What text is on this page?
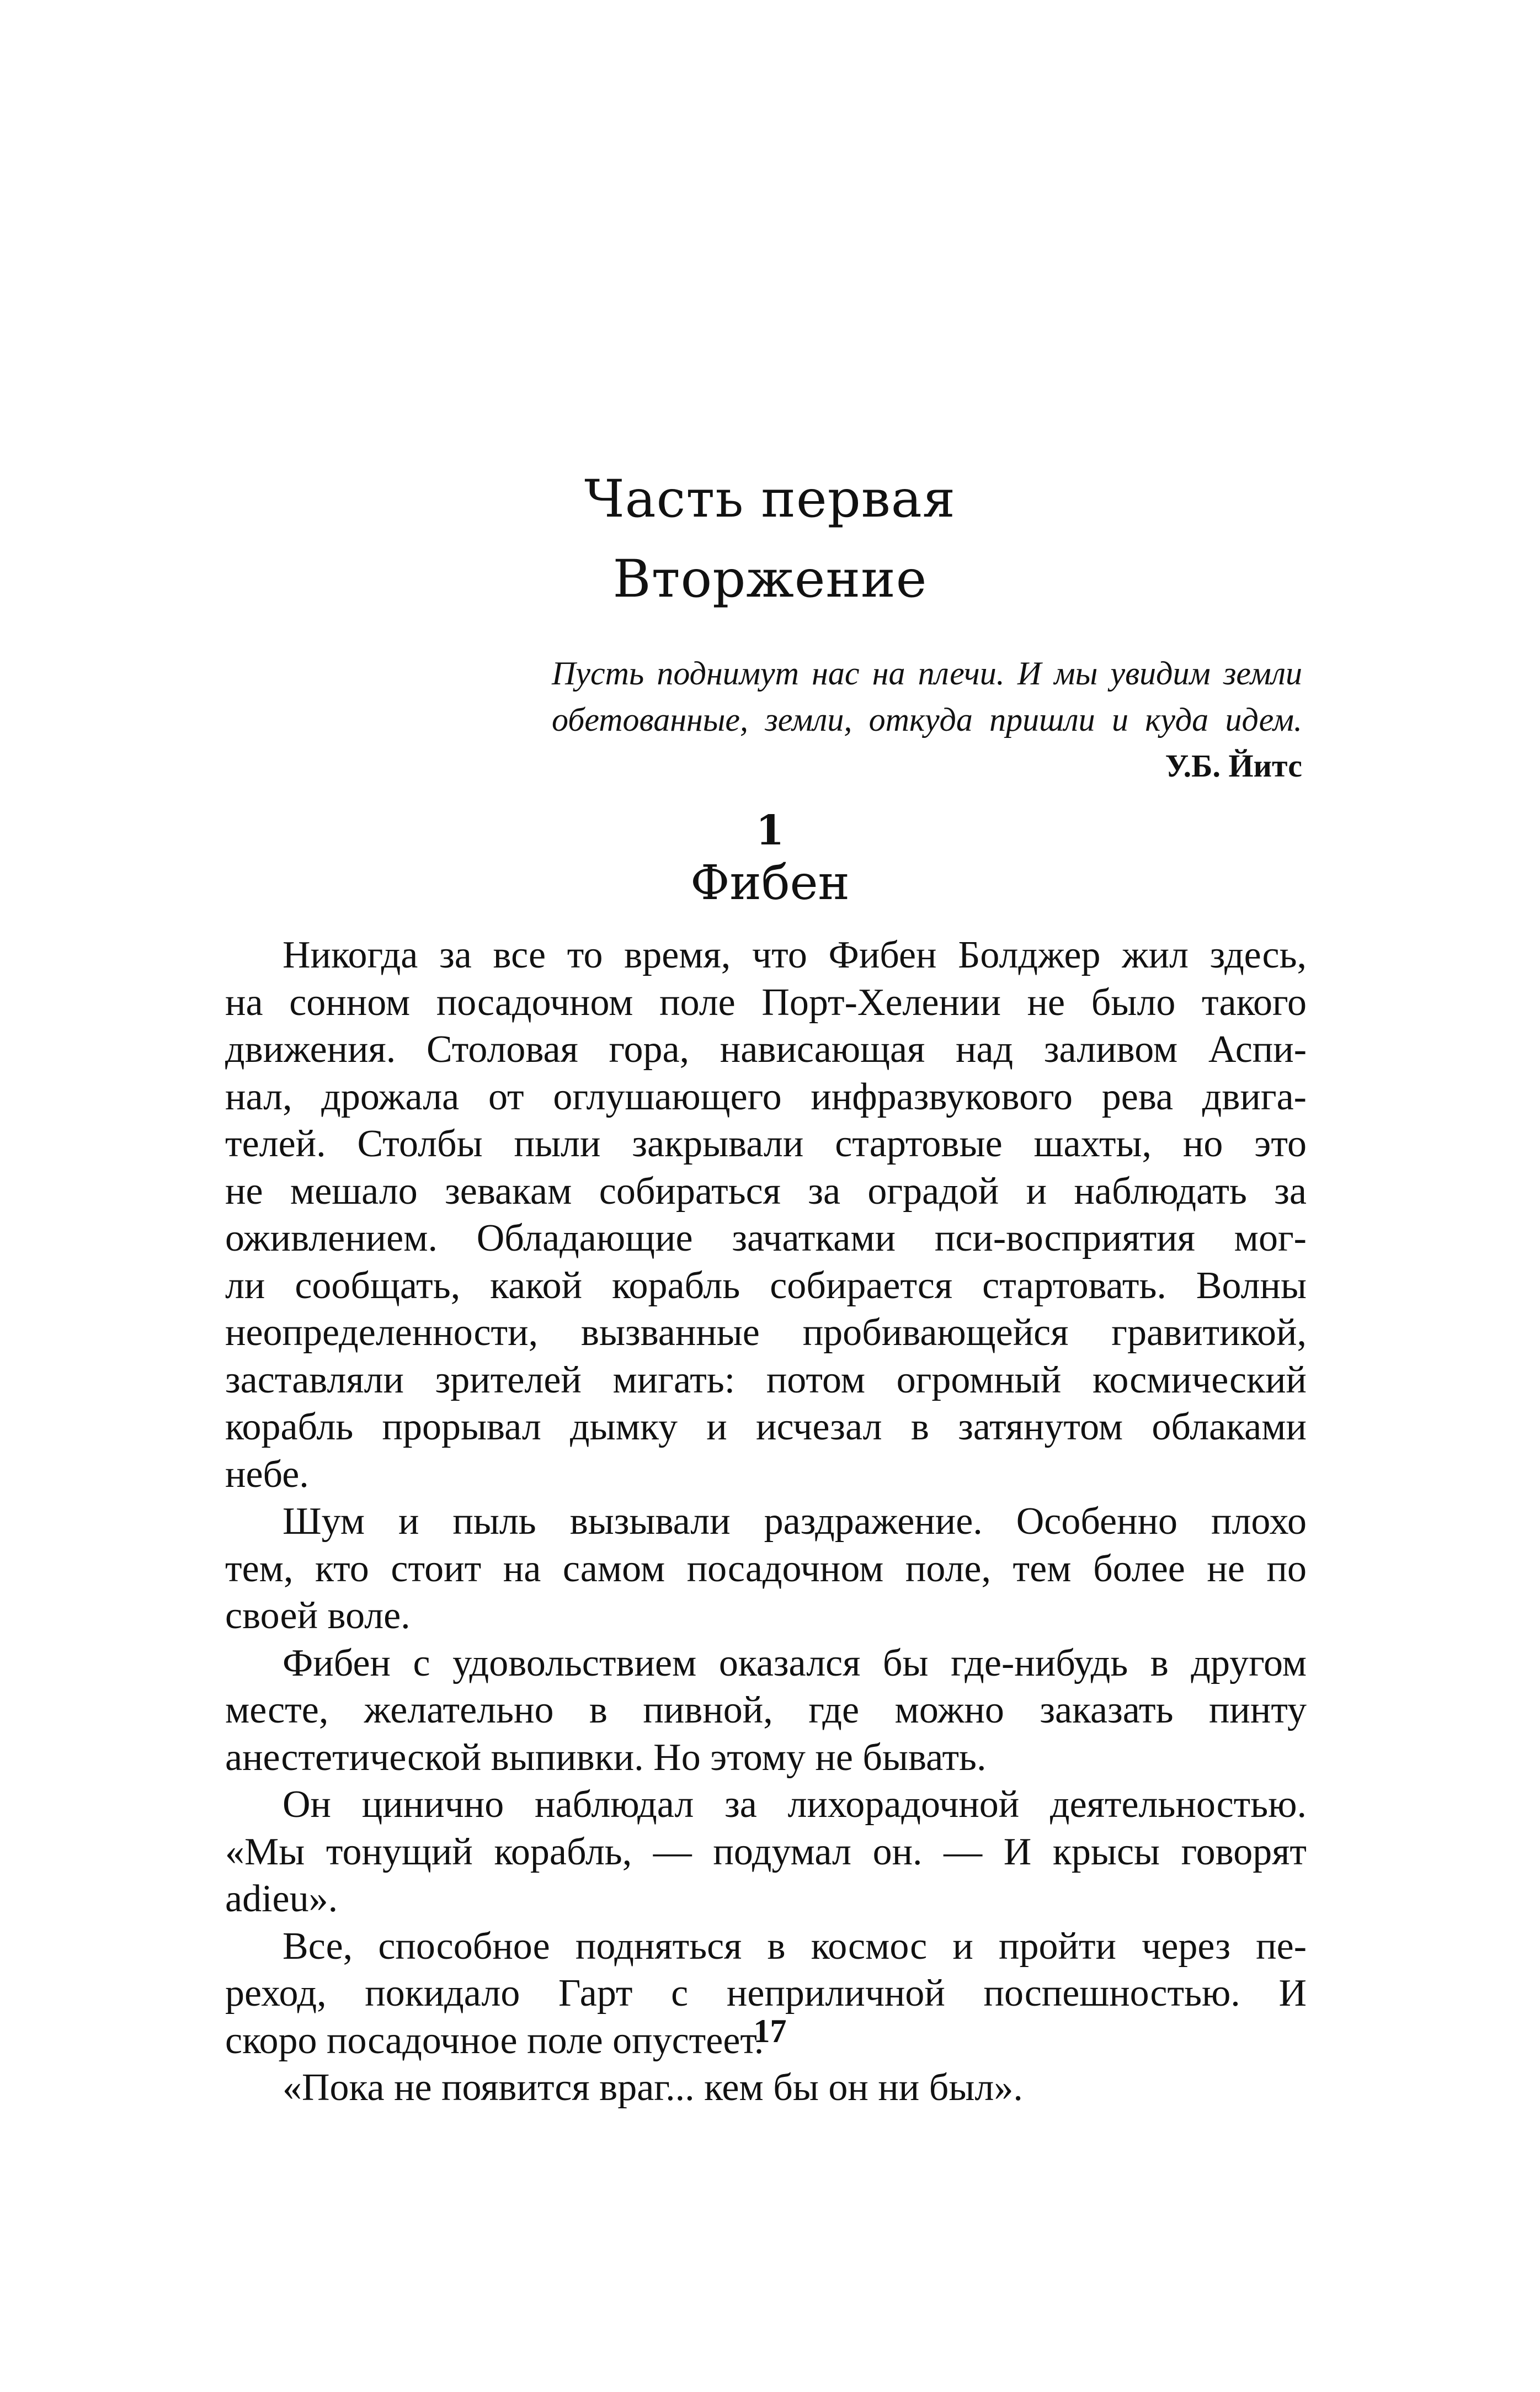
Часть первая
Вторжение
Пусть поднимут нас на плечи. И мы увидим земли
обетованные, земли, откуда пришли и куда идем.
У.Б. Йитс
1
Фибен
Никогда за все то время, что Фибен Болджер жил здесь,
на сонном посадочном поле Порт-Хелении не было такого
движения. Столовая гора, нависающая над заливом Аспи-
нал, дрожала от оглушающего инфразвукового рева двига-
телей. Столбы пыли закрывали стартовые шахты, но это
не мешало зевакам собираться за оградой и наблюдать за
оживлением. Обладающие зачатками пси-восприятия мог-
ли сообщать, какой корабль собирается стартовать. Волны
неопределенности, вызванные пробивающейся гравитикой,
заставляли зрителей мигать: потом огромный космический
корабль прорывал дымку и исчезал в затянутом облаками
небе.
Шум и пыль вызывали раздражение. Особенно плохо
тем, кто стоит на самом посадочном поле, тем более не по
своей воле.
Фибен с удовольствием оказался бы где-нибудь в другом
месте, желательно в пивной, где можно заказать пинту
анестетической выпивки. Но этому не бывать.
Он цинично наблюдал за лихорадочной деятельностью.
«Мы тонущий корабль, — подумал он. — И крысы говорят
adieu».
Все, способное подняться в космос и пройти через пе-
реход, покидало Гарт с неприличной поспешностью. И
скоро посадочное поле опустеет.
«Пока не появится враг... кем бы он ни был».
17
